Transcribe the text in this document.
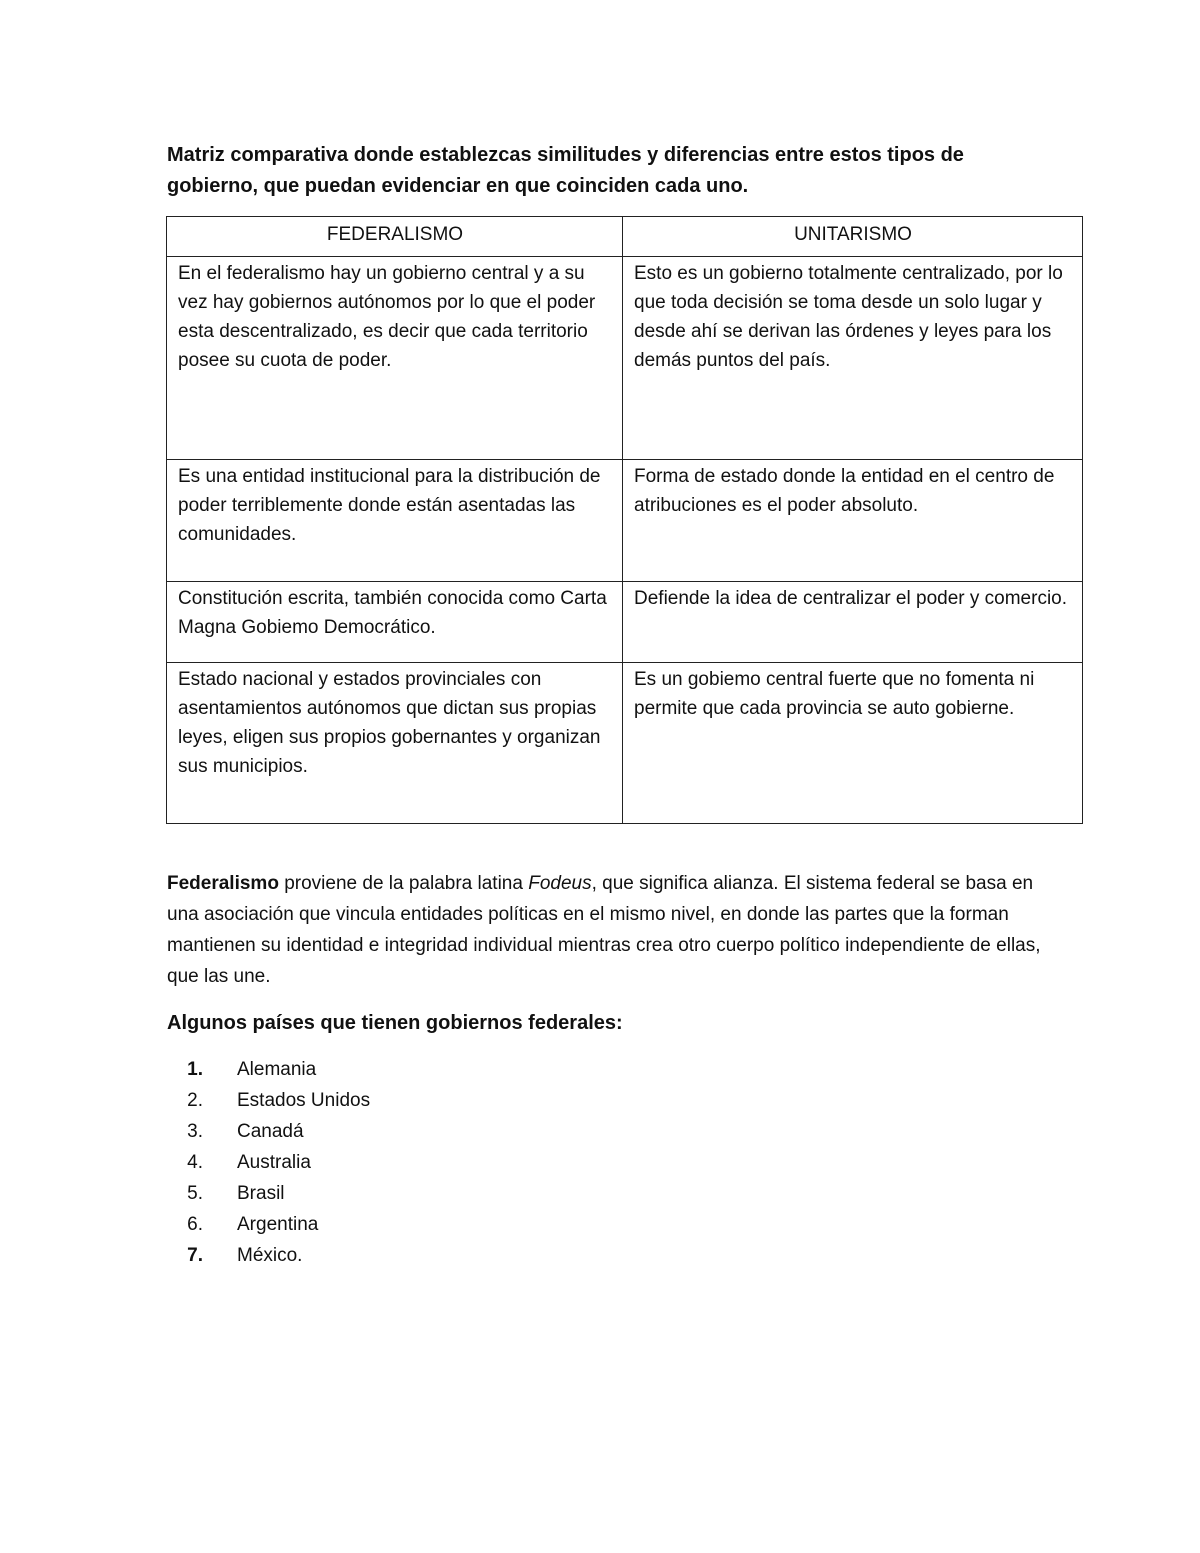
Matriz comparativa donde establezcas similitudes y diferencias entre estos tipos de gobierno, que puedan evidenciar en que coinciden cada uno.

FEDERALISMO	UNITARISMO
En el federalismo hay un gobierno central y a su vez hay gobiernos autónomos por lo que el poder esta descentralizado, es decir que cada territorio posee su cuota de poder.	Esto es un gobierno totalmente centralizado, por lo que toda decisión se toma desde un solo lugar y desde ahí se derivan las órdenes y leyes para los demás puntos del país.
Es una entidad institucional para la distribución de poder terriblemente donde están asentadas las comunidades.	Forma de estado donde la entidad en el centro de atribuciones es el poder absoluto.
Constitución escrita, también conocida como Carta Magna Gobiemo Democrático.	Defiende la idea de centralizar el poder y comercio.
Estado nacional y estados provinciales con asentamientos autónomos que dictan sus propias leyes, eligen sus propios gobernantes y organizan sus municipios.	Es un gobiemo central fuerte que no fomenta ni permite que cada provincia se auto gobierne.

Federalismo proviene de la palabra latina Fodeus, que significa alianza. El sistema federal se basa en una asociación que vincula entidades políticas en el mismo nivel, en donde las partes que la forman mantienen su identidad e integridad individual mientras crea otro cuerpo político independiente de ellas, que las une.

Algunos países que tienen gobiernos federales:

1.	Alemania
2.	Estados Unidos
3.	Canadá
4.	Australia
5.	Brasil
6.	Argentina
7.	México.
